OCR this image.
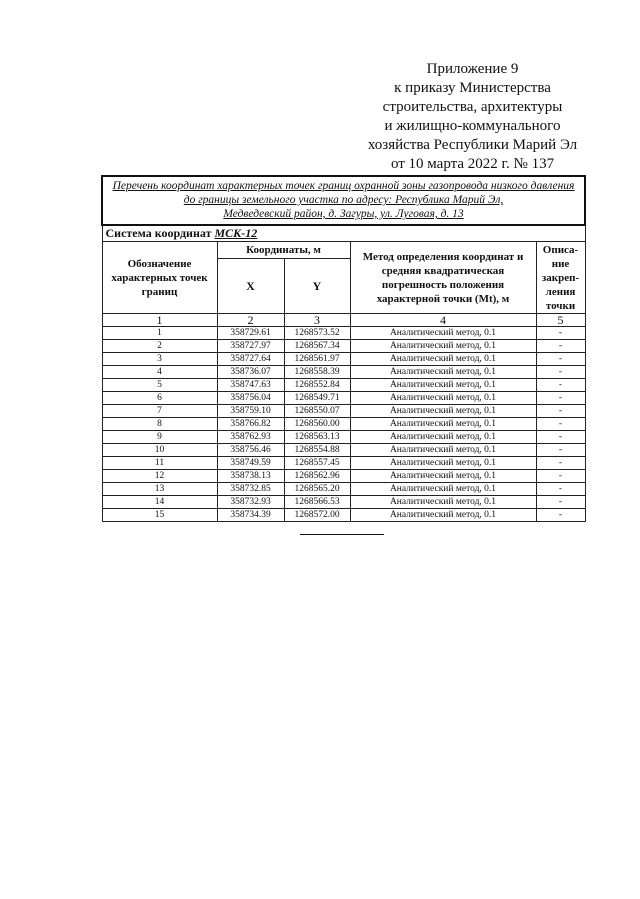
Приложение 9
к приказу Министерства
строительства, архитектуры
и жилищно-коммунального
хозяйства Республики Марий Эл
от 10 марта 2022 г. № 137
Перечень координат характерных точек границ охранной зоны газопровода низкого давления
до границы земельного участка по адресу: Республика Марий Эл,
Медведевский район, д. Загуры, ул. Луговая, д. 13				

Система координат МСК-12				
Обозначение характерных точек границ	Координаты, м		Метод определения координат и средняя квадратическая погрешность положения характерной точки (Mt), м	Описа-ние закреп-ления точки
	X	Y		
1	2	3	4	5
1	358729.61	1268573.52	Аналитический метод, 0.1	-
2	358727.97	1268567.34	Аналитический метод, 0.1	-
3	358727.64	1268561.97	Аналитический метод, 0.1	-
4	358736.07	1268558.39	Аналитический метод, 0.1	-
5	358747.63	1268552.84	Аналитический метод, 0.1	-
6	358756.04	1268549.71	Аналитический метод, 0.1	-
7	358759.10	1268550.07	Аналитический метод, 0.1	-
8	358766.82	1268560.00	Аналитический метод, 0.1	-
9	358762.93	1268563.13	Аналитический метод, 0.1	-
10	358756.46	1268554.88	Аналитический метод, 0.1	-
11	358749.59	1268557.45	Аналитический метод, 0.1	-
12	358738.13	1268562.96	Аналитический метод, 0.1	-
13	358732.85	1268565.20	Аналитический метод, 0.1	-
14	358732.93	1268566.53	Аналитический метод, 0.1	-
15	358734.39	1268572.00	Аналитический метод, 0.1	-
